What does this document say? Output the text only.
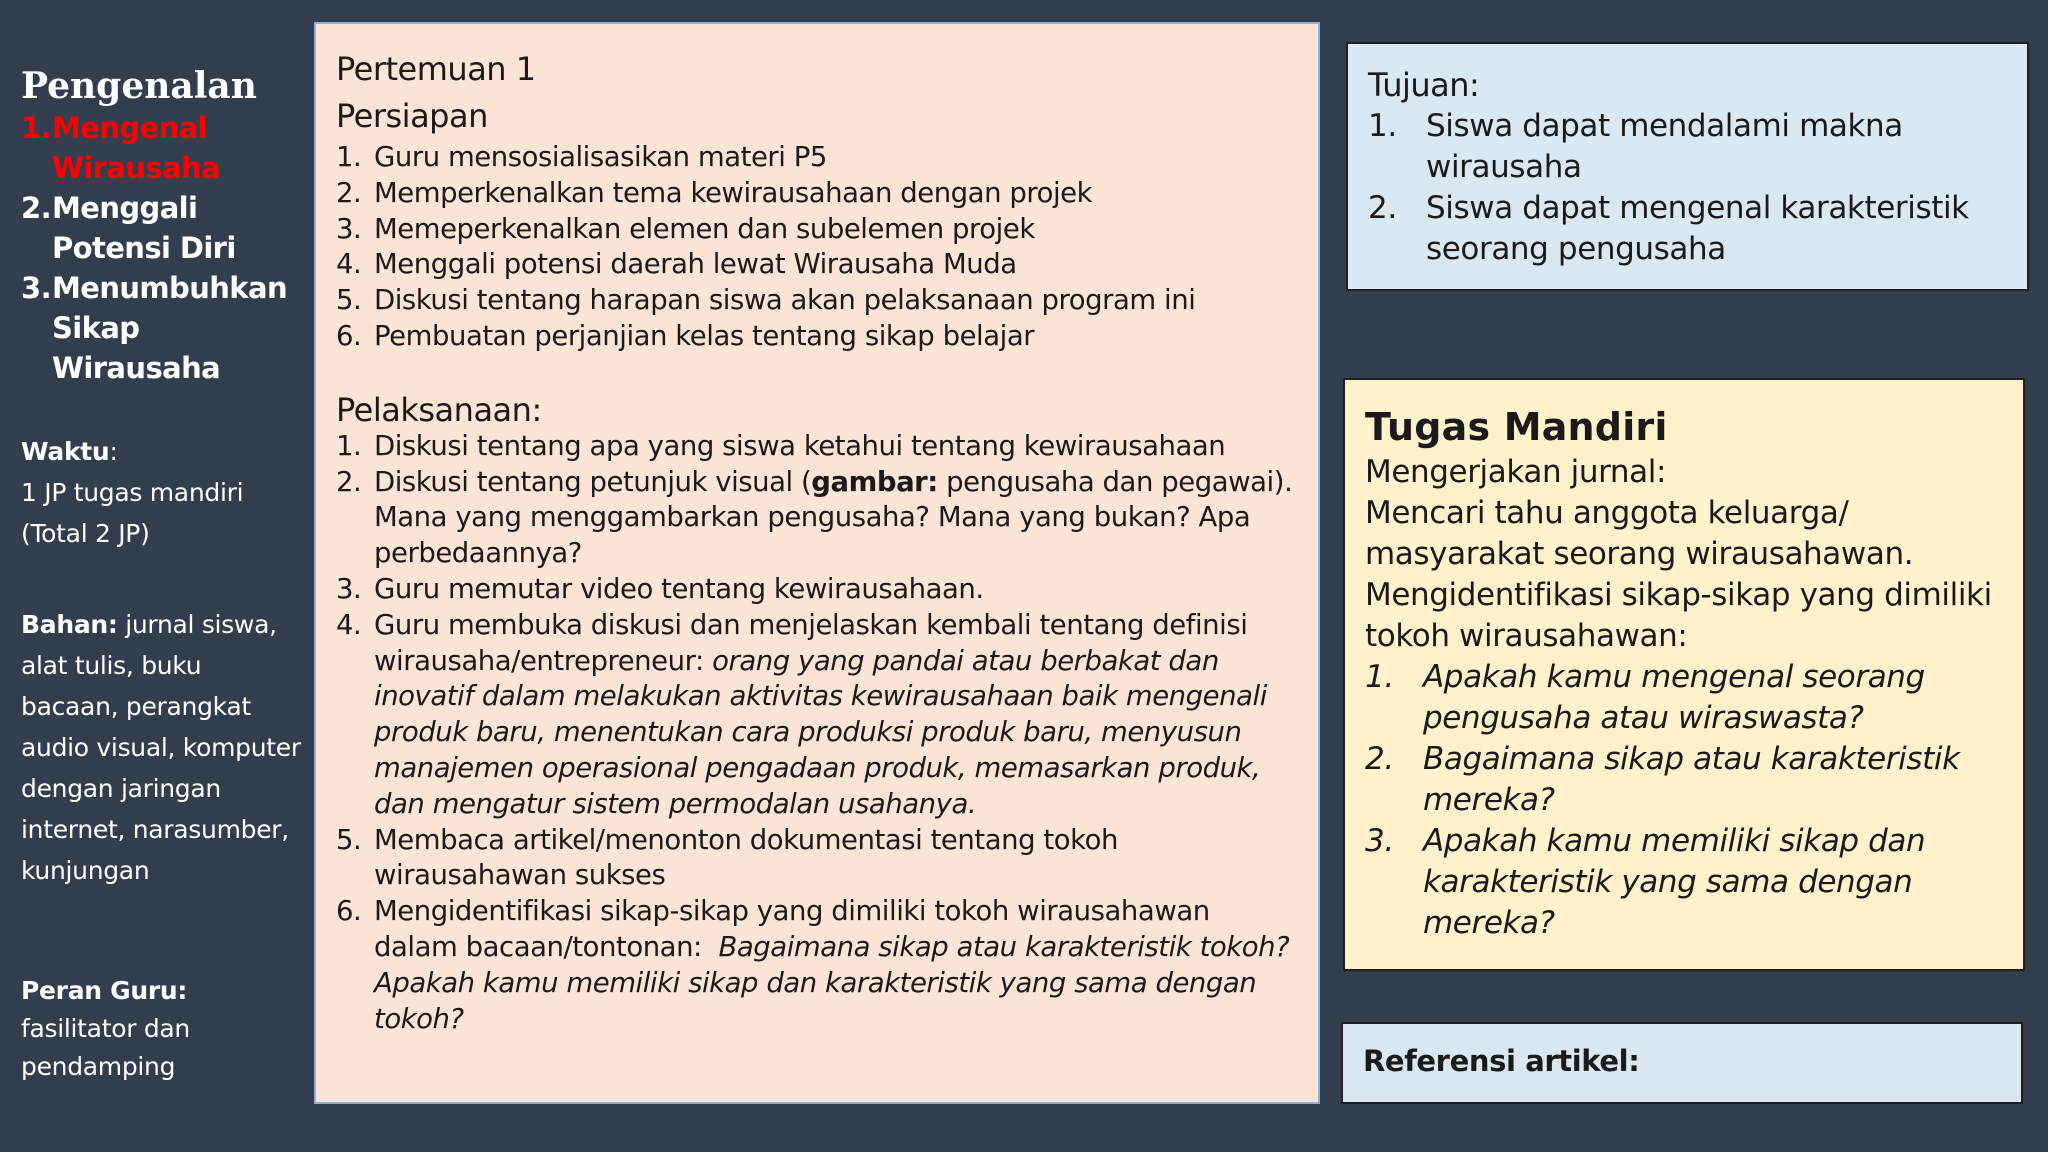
Pengenalan
1. Mengenal Wirausaha
2. Menggali Potensi Diri
3. Menumbuhkan Sikap Wirausaha
Waktu:
1 JP tugas mandiri
(Total 2 JP)
Bahan: jurnal siswa, alat tulis, buku bacaan, perangkat audio visual, komputer dengan jaringan internet, narasumber, kunjungan
Peran Guru:
fasilitator dan pendamping
Pertemuan 1
Persiapan
1. Guru mensosialisasikan materi P5
2. Memperkenalkan tema kewirausahaan dengan projek
3. Memeperkenalkan elemen dan subelemen projek
4. Menggali potensi daerah lewat Wirausaha Muda
5. Diskusi tentang harapan siswa akan pelaksanaan program ini
6. Pembuatan perjanjian kelas tentang sikap belajar
Pelaksanaan:
1. Diskusi tentang apa yang siswa ketahui tentang kewirausahaan
2. Diskusi tentang petunjuk visual (gambar: pengusaha dan pegawai). Mana yang menggambarkan pengusaha? Mana yang bukan? Apa perbedaannya?
3. Guru memutar video tentang kewirausahaan.
4. Guru membuka diskusi dan menjelaskan kembali tentang definisi wirausaha/entrepreneur: orang yang pandai atau berbakat dan inovatif dalam melakukan aktivitas kewirausahaan baik mengenali produk baru, menentukan cara produksi produk baru, menyusun manajemen operasional pengadaan produk, memasarkan produk, dan mengatur sistem permodalan usahanya.
5. Membaca artikel/menonton dokumentasi tentang tokoh wirausahawan sukses
6. Mengidentifikasi sikap-sikap yang dimiliki tokoh wirausahawan dalam bacaan/tontonan:  Bagaimana sikap atau karakteristik tokoh? Apakah kamu memiliki sikap dan karakteristik yang sama dengan tokoh?
Tujuan:
1. Siswa dapat mendalami makna wirausaha
2. Siswa dapat mengenal karakteristik seorang pengusaha
Tugas Mandiri

Mengerjakan jurnal:

Mencari tahu anggota keluarga/ masyarakat seorang wirausahawan.

Mengidentifikasi sikap-sikap yang dimiliki tokoh wirausahawan:

1. Apakah kamu mengenal seorang pengusaha atau wiraswasta?
2. Bagaimana sikap atau karakteristik mereka?
3. Apakah kamu memiliki sikap dan karakteristik yang sama dengan mereka?
Referensi artikel:
